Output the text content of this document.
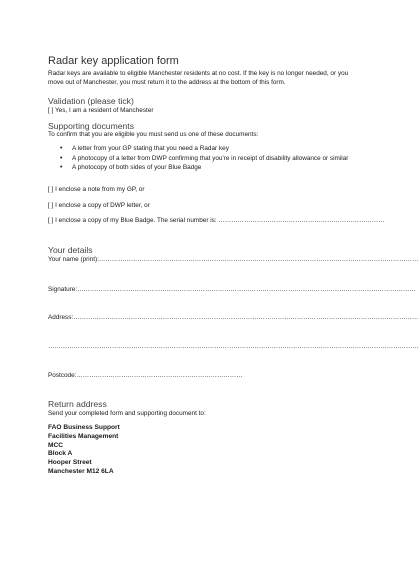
Radar key application form
Radar keys are available to eligible Manchester residents at no cost. If the key is no longer needed, or you move out of Manchester, you must return it to the address at the bottom of this form.
Validation (please tick)
[ ] Yes, I am a resident of Manchester
Supporting documents
To confirm that you are eligible you must send us one of these documents:
• A letter from your GP stating that you need a Radar key
• A photocopy of a letter from DWP confirming that you're in receipt of disability allowance or similar
• A photocopy of both sides of your Blue Badge
[ ] I enclose a note from my GP, or
[ ] I enclose a copy of DWP letter, or
[ ] I enclose a copy of my Blue Badge. The serial number is: ……………………………………………………………………
Your details
Your name (print):……………………………………………………………………………………………………………………………………
Signature:……………………………………………………………………………………………………………………………………………
Address:………………………………………………………………………………………………………………………………………………
…………………………………………………………………………………………………………………………………………………………
Postcode:……………………………………………………………………
Return address
Send your completed form and supporting document to:
FAO Business Support
Facilities Management
MCC
Block A
Hooper Street
Manchester M12 6LA
